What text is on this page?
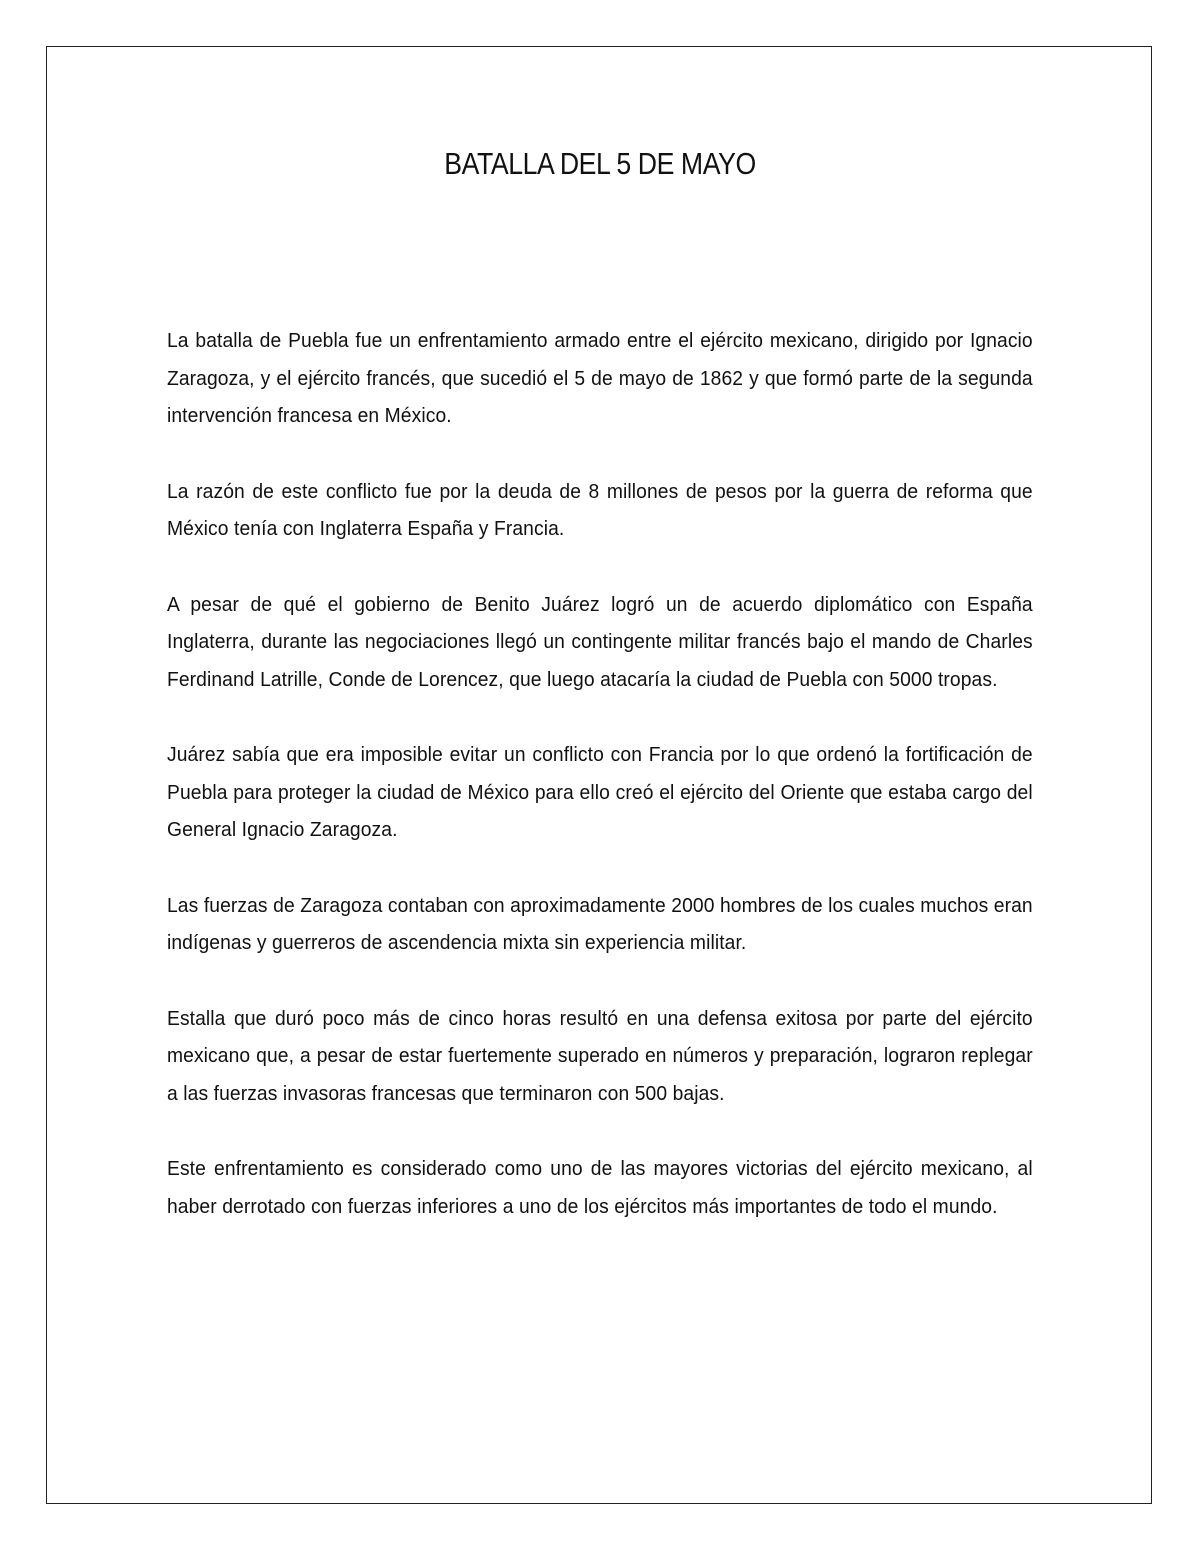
BATALLA DEL 5 DE MAYO

La batalla de Puebla fue un enfrentamiento armado entre el ejército mexicano, dirigido por Ignacio Zaragoza, y el ejército francés, que sucedió el 5 de mayo de 1862 y que formó parte de la segunda intervención francesa en México.

La razón de este conflicto fue por la deuda de 8 millones de pesos por la guerra de reforma que México tenía con Inglaterra España y Francia.

A pesar de qué el gobierno de Benito Juárez logró un de acuerdo diplomático con España Inglaterra, durante las negociaciones llegó un contingente militar francés bajo el mando de Charles Ferdinand Latrille, Conde de Lorencez, que luego atacaría la ciudad de Puebla con 5000 tropas.

Juárez sabía que era imposible evitar un conflicto con Francia por lo que ordenó la fortificación de Puebla para proteger la ciudad de México para ello creó el ejército del Oriente que estaba cargo del General Ignacio Zaragoza.

Las fuerzas de Zaragoza contaban con aproximadamente 2000 hombres de los cuales muchos eran indígenas y guerreros de ascendencia mixta sin experiencia militar.

Estalla que duró poco más de cinco horas resultó en una defensa exitosa por parte del ejército mexicano que, a pesar de estar fuertemente superado en números y preparación, lograron replegar a las fuerzas invasoras francesas que terminaron con 500 bajas.

Este enfrentamiento es considerado como uno de las mayores victorias del ejército mexicano, al haber derrotado con fuerzas inferiores a uno de los ejércitos más importantes de todo el mundo.
